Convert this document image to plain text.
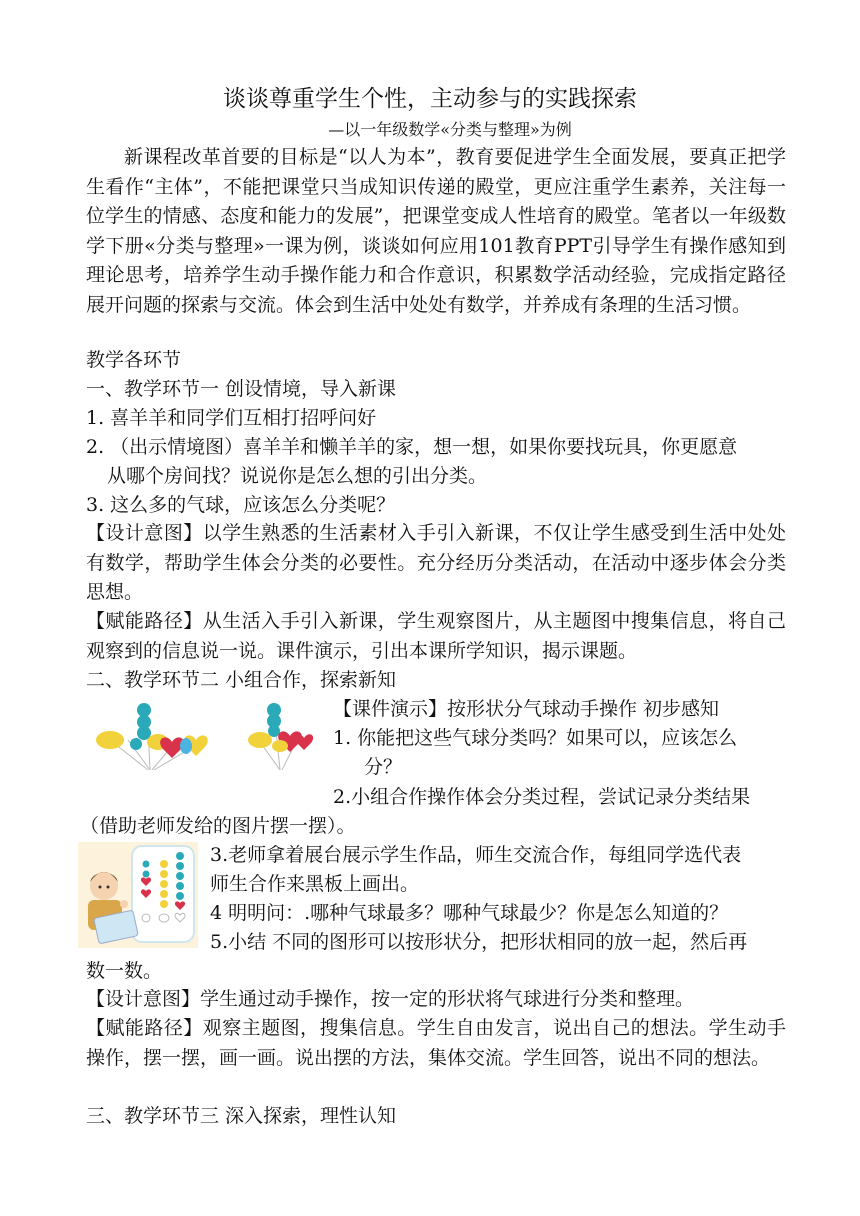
谈谈尊重学生个性，主动参与的实践探索
—以一年级数学«分类与整理»为例
新课程改革首要的目标是“以人为本”，教育要促进学生全面发展，要真正把学生看作“主体”，不能把课堂只当成知识传递的殿堂，更应注重学生素养，关注每一位学生的情感、态度和能力的发展”，把课堂变成人性培育的殿堂。笔者以一年级数学下册«分类与整理»一课为例，谈谈如何应用101教育PPT引导学生有操作感知到理论思考，培养学生动手操作能力和合作意识，积累数学活动经验，完成指定路径展开问题的探索与交流。体会到生活中处处有数学，并养成有条理的生活习惯。
教学各环节
一、教学环节一 创设情境，导入新课
1. 喜羊羊和同学们互相打招呼问好
2. （出示情境图）喜羊羊和懒羊羊的家，想一想，如果你要找玩具，你更愿意
从哪个房间找？说说你是怎么想的引出分类。
3. 这么多的气球，应该怎么分类呢？
【设计意图】以学生熟悉的生活素材入手引入新课，不仅让学生感受到生活中处处有数学，帮助学生体会分类的必要性。充分经历分类活动，在活动中逐步体会分类思想。
【赋能路径】从生活入手引入新课，学生观察图片，从主题图中搜集信息，将自己观察到的信息说一说。课件演示，引出本课所学知识，揭示课题。
二、教学环节二 小组合作，探索新知
【课件演示】按形状分气球动手操作 初步感知
1. 你能把这些气球分类吗？如果可以，应该怎么
分？
2.小组合作操作体会分类过程，尝试记录分类结果
（借助老师发给的图片摆一摆）。
3.老师拿着展台展示学生作品，师生交流合作，每组同学选代表
师生合作来黑板上画出。
4 明明问：.哪种气球最多？哪种气球最少？你是怎么知道的？
5.小结 不同的图形可以按形状分，把形状相同的放一起，然后再
数一数。
【设计意图】学生通过动手操作，按一定的形状将气球进行分类和整理。
【赋能路径】观察主题图，搜集信息。学生自由发言，说出自己的想法。学生动手操作，摆一摆，画一画。说出摆的方法，集体交流。学生回答，说出不同的想法。
三、教学环节三 深入探索，理性认知
